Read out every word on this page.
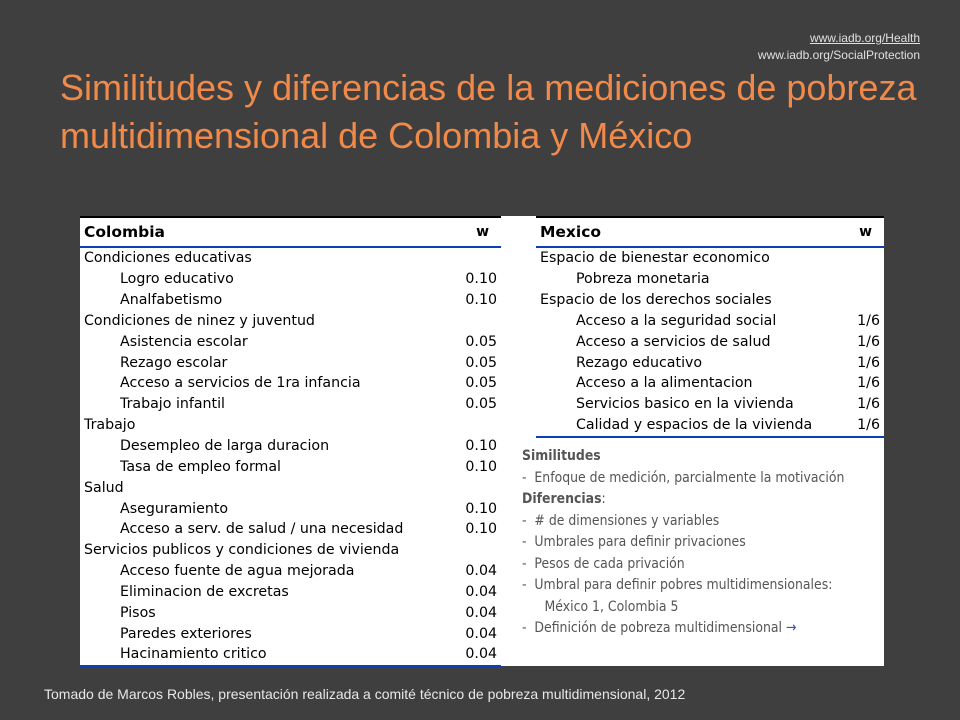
www.iadb.org/Health
www.iadb.org/SocialProtection
Similitudes y diferencias de la mediciones de pobreza multidimensional de Colombia y México
Colombia	w
Condiciones educativas	
Logro educativo	0.10
Analfabetismo	0.10
Condiciones de ninez y juventud	
Asistencia escolar	0.05
Rezago escolar	0.05
Acceso a servicios de 1ra infancia	0.05
Trabajo infantil	0.05
Trabajo	
Desempleo de larga duracion	0.10
Tasa de empleo formal	0.10
Salud	
Aseguramiento	0.10
Acceso a serv. de salud / una necesidad	0.10
Servicios publicos y condiciones de vivienda	
Acceso fuente de agua mejorada	0.04
Eliminacion de excretas	0.04
Pisos	0.04
Paredes exteriores	0.04
Hacinamiento critico	0.04
Mexico	w
Espacio de bienestar economico	
Pobreza monetaria	
Espacio de los derechos sociales	
Acceso a la seguridad social	1/6
Acceso a servicios de salud	1/6
Rezago educativo	1/6
Acceso a la alimentacion	1/6
Servicios basico en la vivienda	1/6
Calidad y espacios de la vivienda	1/6
Similitudes
- Enfoque de medición, parcialmente la motivación
Diferencias:
- # de dimensiones y variables
- Umbrales para definir privaciones
- Pesos de cada privación
- Umbral para definir pobres multidimensionales:
México 1, Colombia 5
- Definición de pobreza multidimensional →
Tomado de Marcos Robles, presentación realizada a comité técnico de pobreza multidimensional, 2012
